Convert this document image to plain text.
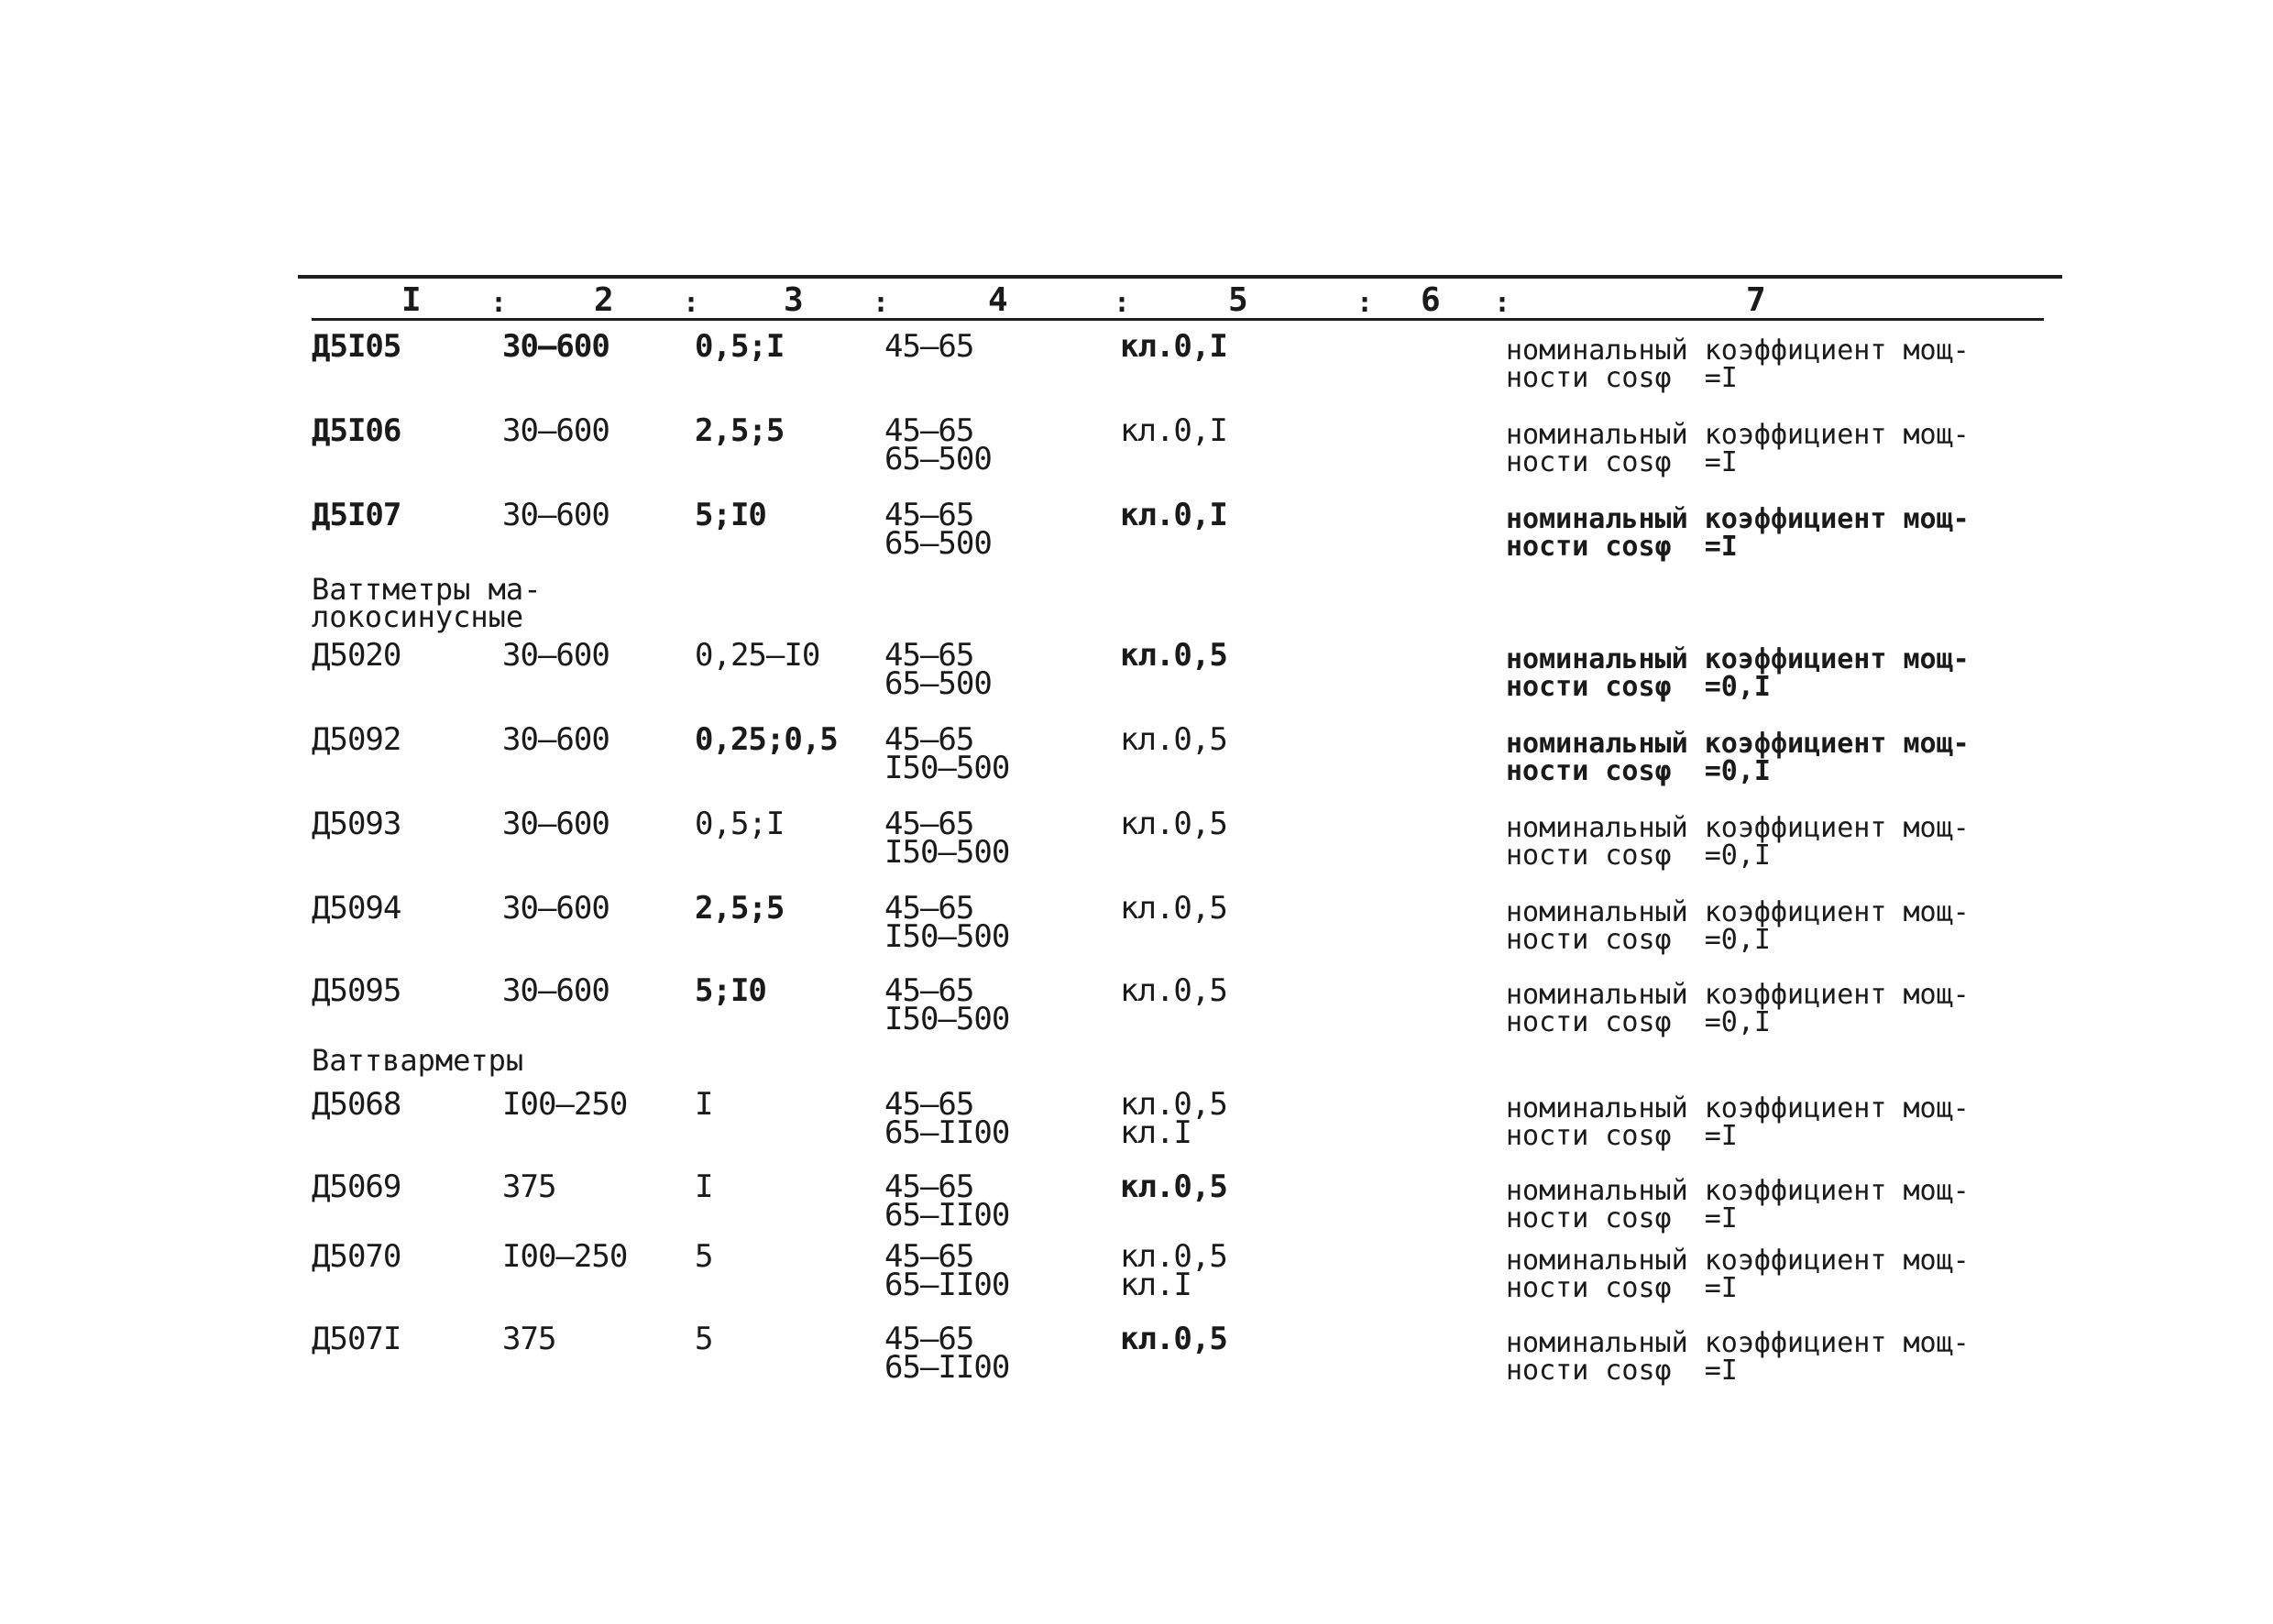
I	:	2	:	3	:	4	:	5	: 6 :	7
Д5I05	30–600	0,5;I	45–65	кл.0,I	номинальный коэффициент мощ-
ности cosφ  =I
Д5I06	30–600	2,5;5	45–65
65–500
кл.0,I	номинальный коэффициент мощ-
ности cosφ  =I
Д5I07	30–600	5;I0	45–65
65–500
кл.0,I	номинальный коэффициент мощ-
ности cosφ  =I
Ваттметры ма-
локосинусные
Д5020	30–600	0,25–I0 45–65
65–500
кл.0,5	номинальный коэффициент мощ-
ности cosφ  =0,I
Д5092	30–600	0,25;0,5 45–65
I50–500
кл.0,5	номинальный коэффициент мощ-
ности cosφ  =0,I
Д5093	30–600	0,5;I	45–65
I50–500
кл.0,5	номинальный коэффициент мощ-
ности cosφ  =0,I
Д5094	30–600	2,5;5	45–65
I50–500
кл.0,5	номинальный коэффициент мощ-
ности cosφ  =0,I
Д5095	30–600	5;I0	45–65
I50–500
кл.0,5	номинальный коэффициент мощ-
ности cosφ  =0,I
Ваттварметры
Д5068	I00–250 I	45–65
65–II00
кл.0,5
кл.I
номинальный коэффициент мощ-
ности cosφ  =I
Д5069	375	I	45–65
65–II00
кл.0,5	номинальный коэффициент мощ-
ности cosφ  =I
Д5070	I00–250 5	45–65
65–II00
кл.0,5
кл.I
номинальный коэффициент мощ-
ности cosφ  =I
Д507I	375	5	45–65
65–II00
кл.0,5	номинальный коэффициент мощ-
ности cosφ  =I
